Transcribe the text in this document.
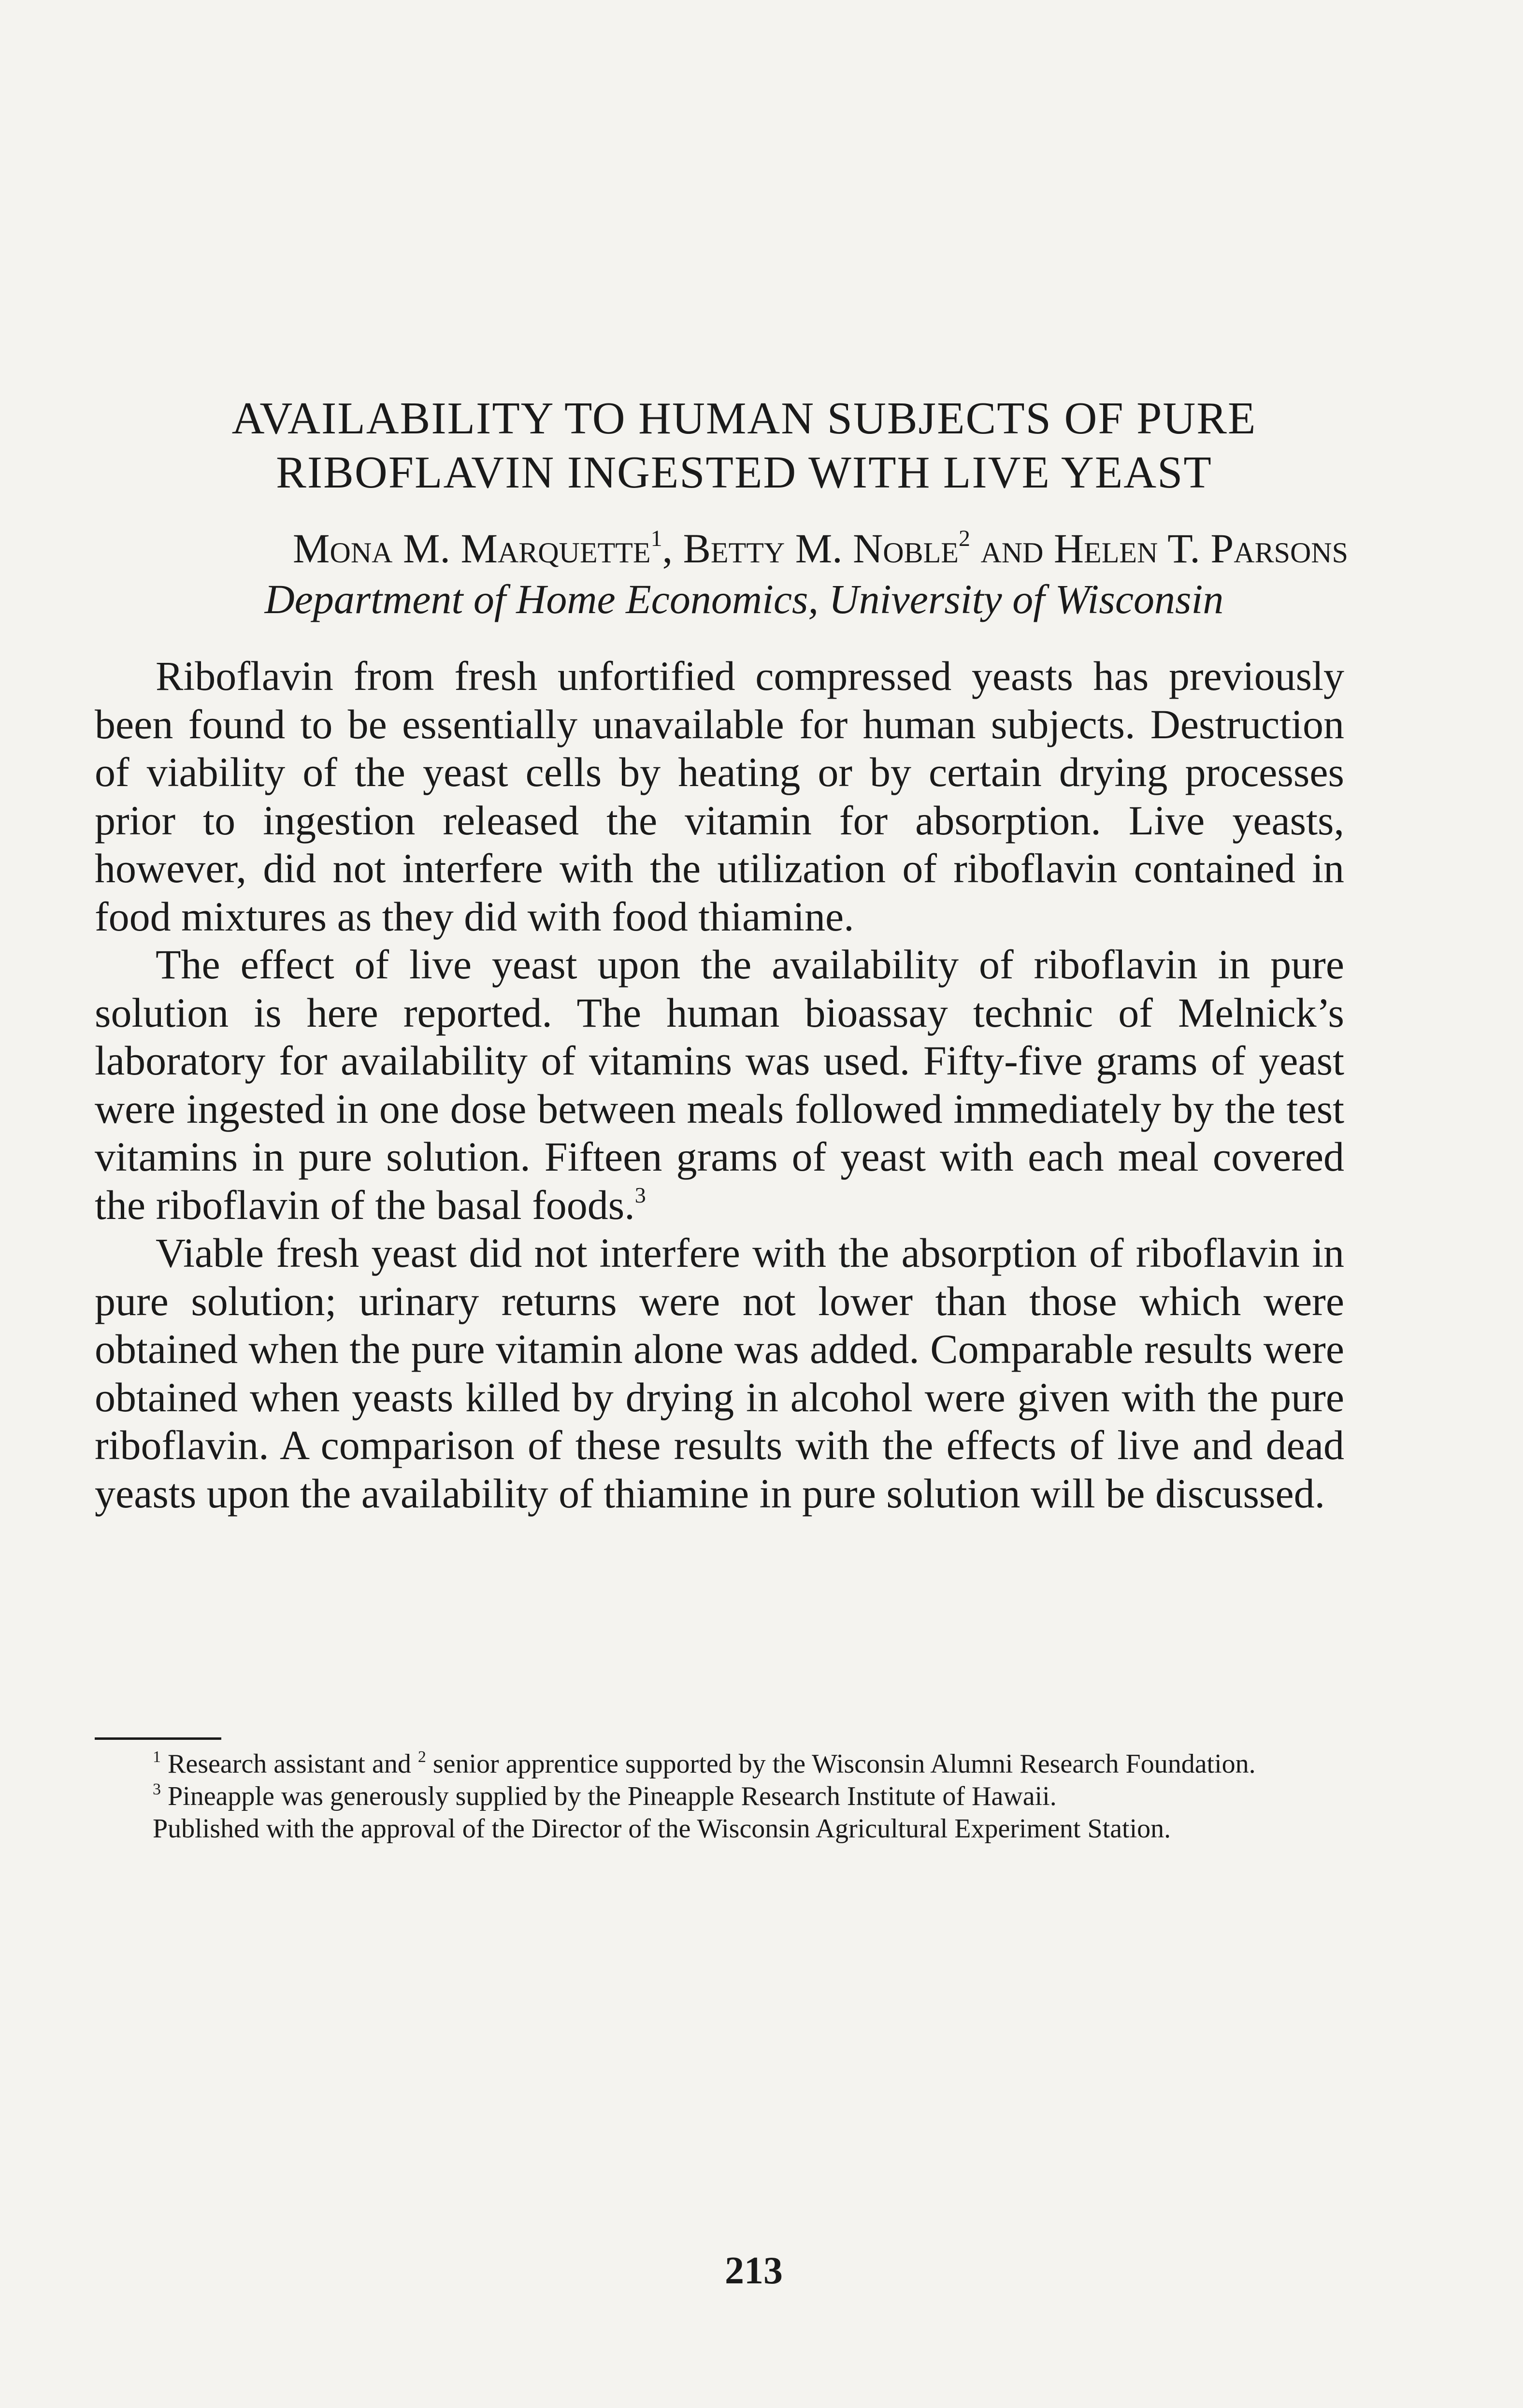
AVAILABILITY TO HUMAN SUBJECTS OF PURE
RIBOFLAVIN INGESTED WITH LIVE YEAST
Mona M. Marquette$^1$, Betty M. Noble$^2$ and Helen T. Parsons
Department of Home Economics, University of Wisconsin

Riboflavin from fresh unfortified compressed yeasts has previously been found to be essentially unavailable for human subjects. Destruction of viability of the yeast cells by heating or by certain drying processes prior to ingestion released the vitamin for absorption. Live yeasts, however, did not interfere with the utilization of riboflavin contained in food mixtures as they did with food thiamine.

The effect of live yeast upon the availability of riboflavin in pure solution is here reported. The human bioassay technic of Melnick’s laboratory for availability of vitamins was used. Fifty-five grams of yeast were ingested in one dose between meals followed immediately by the test vitamins in pure solution. Fifteen grams of yeast with each meal covered the riboflavin of the basal foods.$^3$

Viable fresh yeast did not interfere with the absorption of riboflavin in pure solution; urinary returns were not lower than those which were obtained when the pure vitamin alone was added. Comparable results were obtained when yeasts killed by drying in alcohol were given with the pure riboflavin. A comparison of these results with the effects of live and dead yeasts upon the availability of thiamine in pure solution will be discussed.

$^1$ Research assistant and $^2$ senior apprentice supported by the Wisconsin Alumni Research Foundation.

$^3$ Pineapple was generously supplied by the Pineapple Research Institute of Hawaii.

Published with the approval of the Director of the Wisconsin Agricultural Experiment Station.

213
